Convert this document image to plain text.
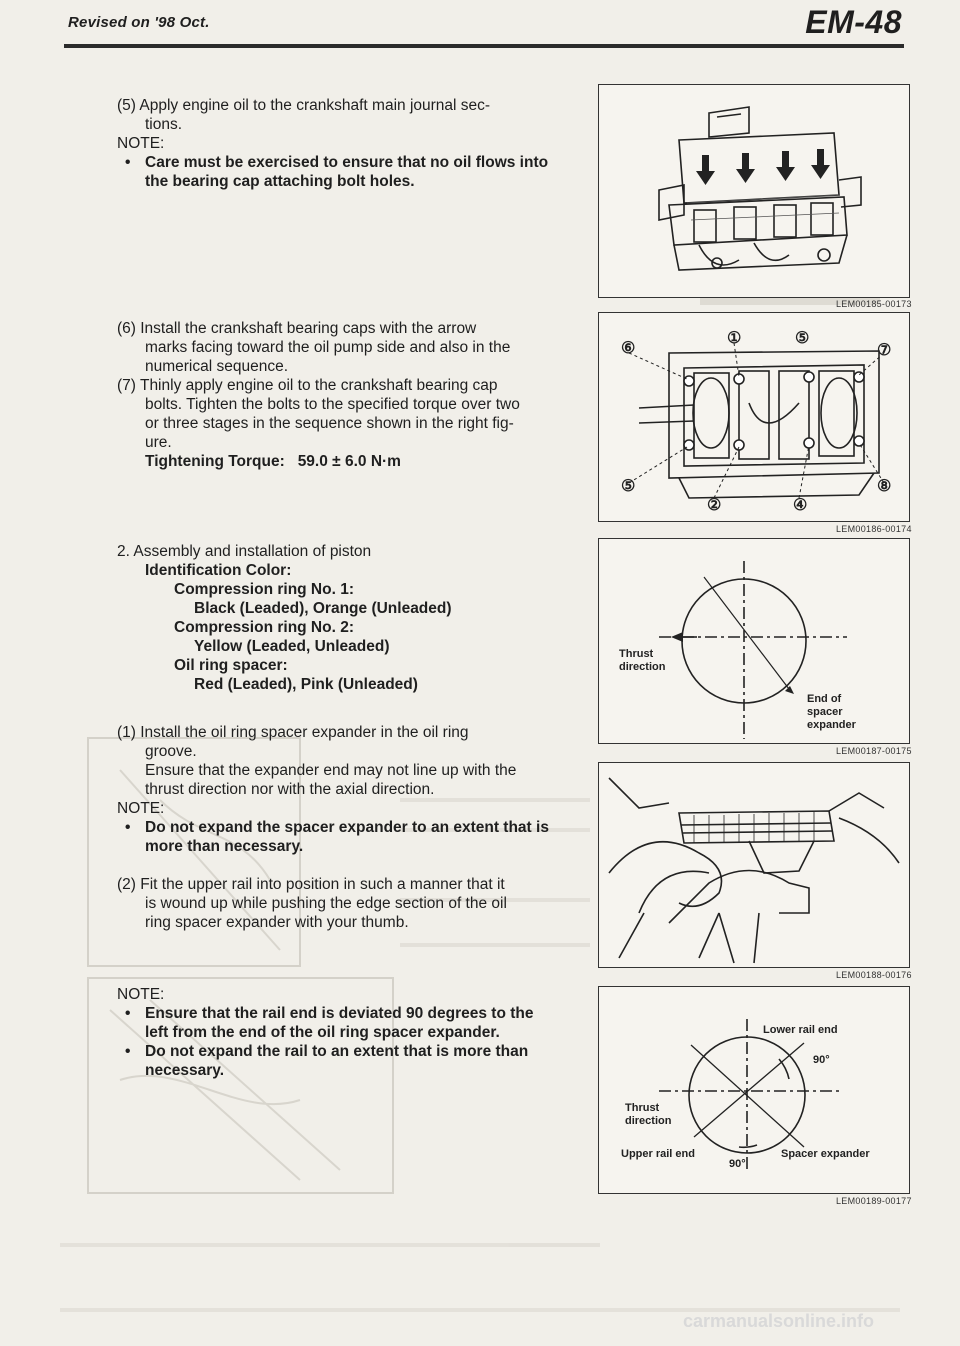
Revised on '98 Oct.	EM-48
(5) Apply engine oil to the crankshaft main journal sec-
tions.
NOTE:
• Care must be exercised to ensure that no oil flows into
the bearing cap attaching bolt holes.
(6) Install the crankshaft bearing caps with the arrow
marks facing toward the oil pump side and also in the
numerical sequence.
(7) Thinly apply engine oil to the crankshaft bearing cap
bolts. Tighten the bolts to the specified torque over two
or three stages in the sequence shown in the right fig-
ure.
Tightening Torque: 59.0 ± 6.0 N·m
2. Assembly and installation of piston
Identification Color:
Compression ring No. 1:
Black (Leaded), Orange (Unleaded)
Compression ring No. 2:
Yellow (Leaded, Unleaded)
Oil ring spacer:
Red (Leaded), Pink (Unleaded)
(1) Install the oil ring spacer expander in the oil ring
groove.
Ensure that the expander end may not line up with the
thrust direction nor with the axial direction.
NOTE:
• Do not expand the spacer expander to an extent that is
more than necessary.
(2) Fit the upper rail into position in such a manner that it
is wound up while pushing the edge section of the oil
ring spacer expander with your thumb.
NOTE:
• Ensure that the rail end is deviated 90 degrees to the
left from the end of the oil ring spacer expander.
• Do not expand the rail to an extent that is more than
necessary.
LEM00185-00173
⑥
①	⑤
⑦
⑤
②	④
⑧
LEM00186-00174
Thrust
direction
End of
spacer
expander
LEM00187-00175
LEM00188-00176
Lower rail end
90°
Thrust
direction
Upper rail end
90°
Spacer expander
LEM00189-00177
carmanualsonline.info
